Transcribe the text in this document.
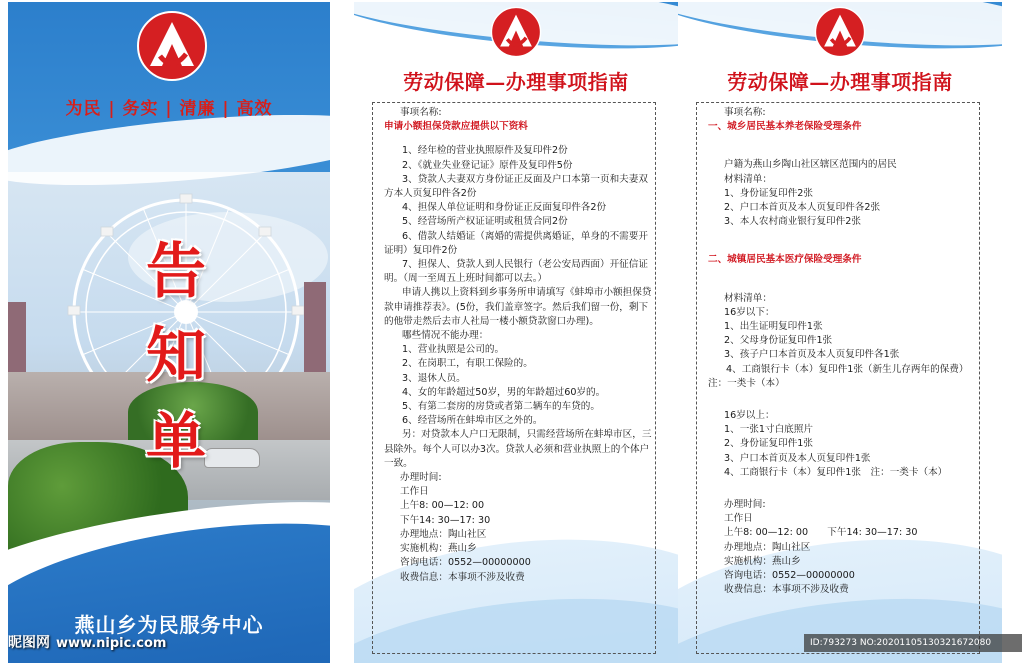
为民 | 务实 | 清廉 | 高效
告
知
单
燕山乡为民服务中心
劳动保障—办理事项指南

事项名称:

申请小额担保贷款应提供以下资料

1、经年检的营业执照原件及复印件2份

2、《就业失业登记证》原件及复印件5份

3、贷款人夫妻双方身份证正反面及户口本第一页和夫妻双方本人页复印件各2份

4、担保人单位证明和身份证正反面复印件各2份

5、经营场所产权证证明或租赁合同2份

6、借款人结婚证（离婚的需提供离婚证，单身的不需要开证明）复印件2份

7、担保人、贷款人到人民银行（老公安局西面）开征信证明。（周一至周五上班时间都可以去。）

申请人携以上资料到乡事务所申请填写《蚌埠市小额担保贷款申请推荐表》。(5份，我们盖章签字。然后我们留一份，剩下的他带走然后去市人社局一楼小额贷款窗口办理)。

哪些情况不能办理：

1、营业执照是公司的。

2、在岗职工，有职工保险的。

3、退休人员。

4、女的年龄超过50岁，男的年龄超过60岁的。

5、有第二套房的房贷或者第二辆车的车贷的。

6、经营场所在蚌埠市区之外的。

另：对贷款本人户口无限制，只需经营场所在蚌埠市区，三县除外。每个人可以办3次。贷款人必须和营业执照上的个体户一致。

办理时间:

工作日

上午8: 00—12: 00

下午14: 30—17: 30

办理地点：陶山社区

实施机构：燕山乡

咨询电话：0552—00000000

收费信息：本事项不涉及收费

劳动保障—办理事项指南

事项名称:

一、城乡居民基本养老保险受理条件

户籍为燕山乡陶山社区辖区范围内的居民

材料清单：

1、身份证复印件2张

2、户口本首页及本人页复印件各2张

3、本人农村商业银行复印件2张

二、城镇居民基本医疗保险受理条件

材料清单：

16岁以下：

1、出生证明复印件1张

2、父母身份证复印件1张

3、孩子户口本首页及本人页复印件各1张

4、工商银行卡（本）复印件1张（新生儿存两年的保费）注：一类卡（本）

16岁以上：

1、一张1寸白底照片

2、身份证复印件1张

3、户口本首页及本人页复印件1张

4、工商银行卡（本）复印件1张　注：一类卡（本）

办理时间:

工作日

上午8: 00—12: 00　　下午14: 30—17: 30

办理地点：陶山社区

实施机构：燕山乡

咨询电话：0552—00000000

收费信息：本事项不涉及收费

昵图网 www.nipic.com	ID:793273 NO:20201105130321672080
